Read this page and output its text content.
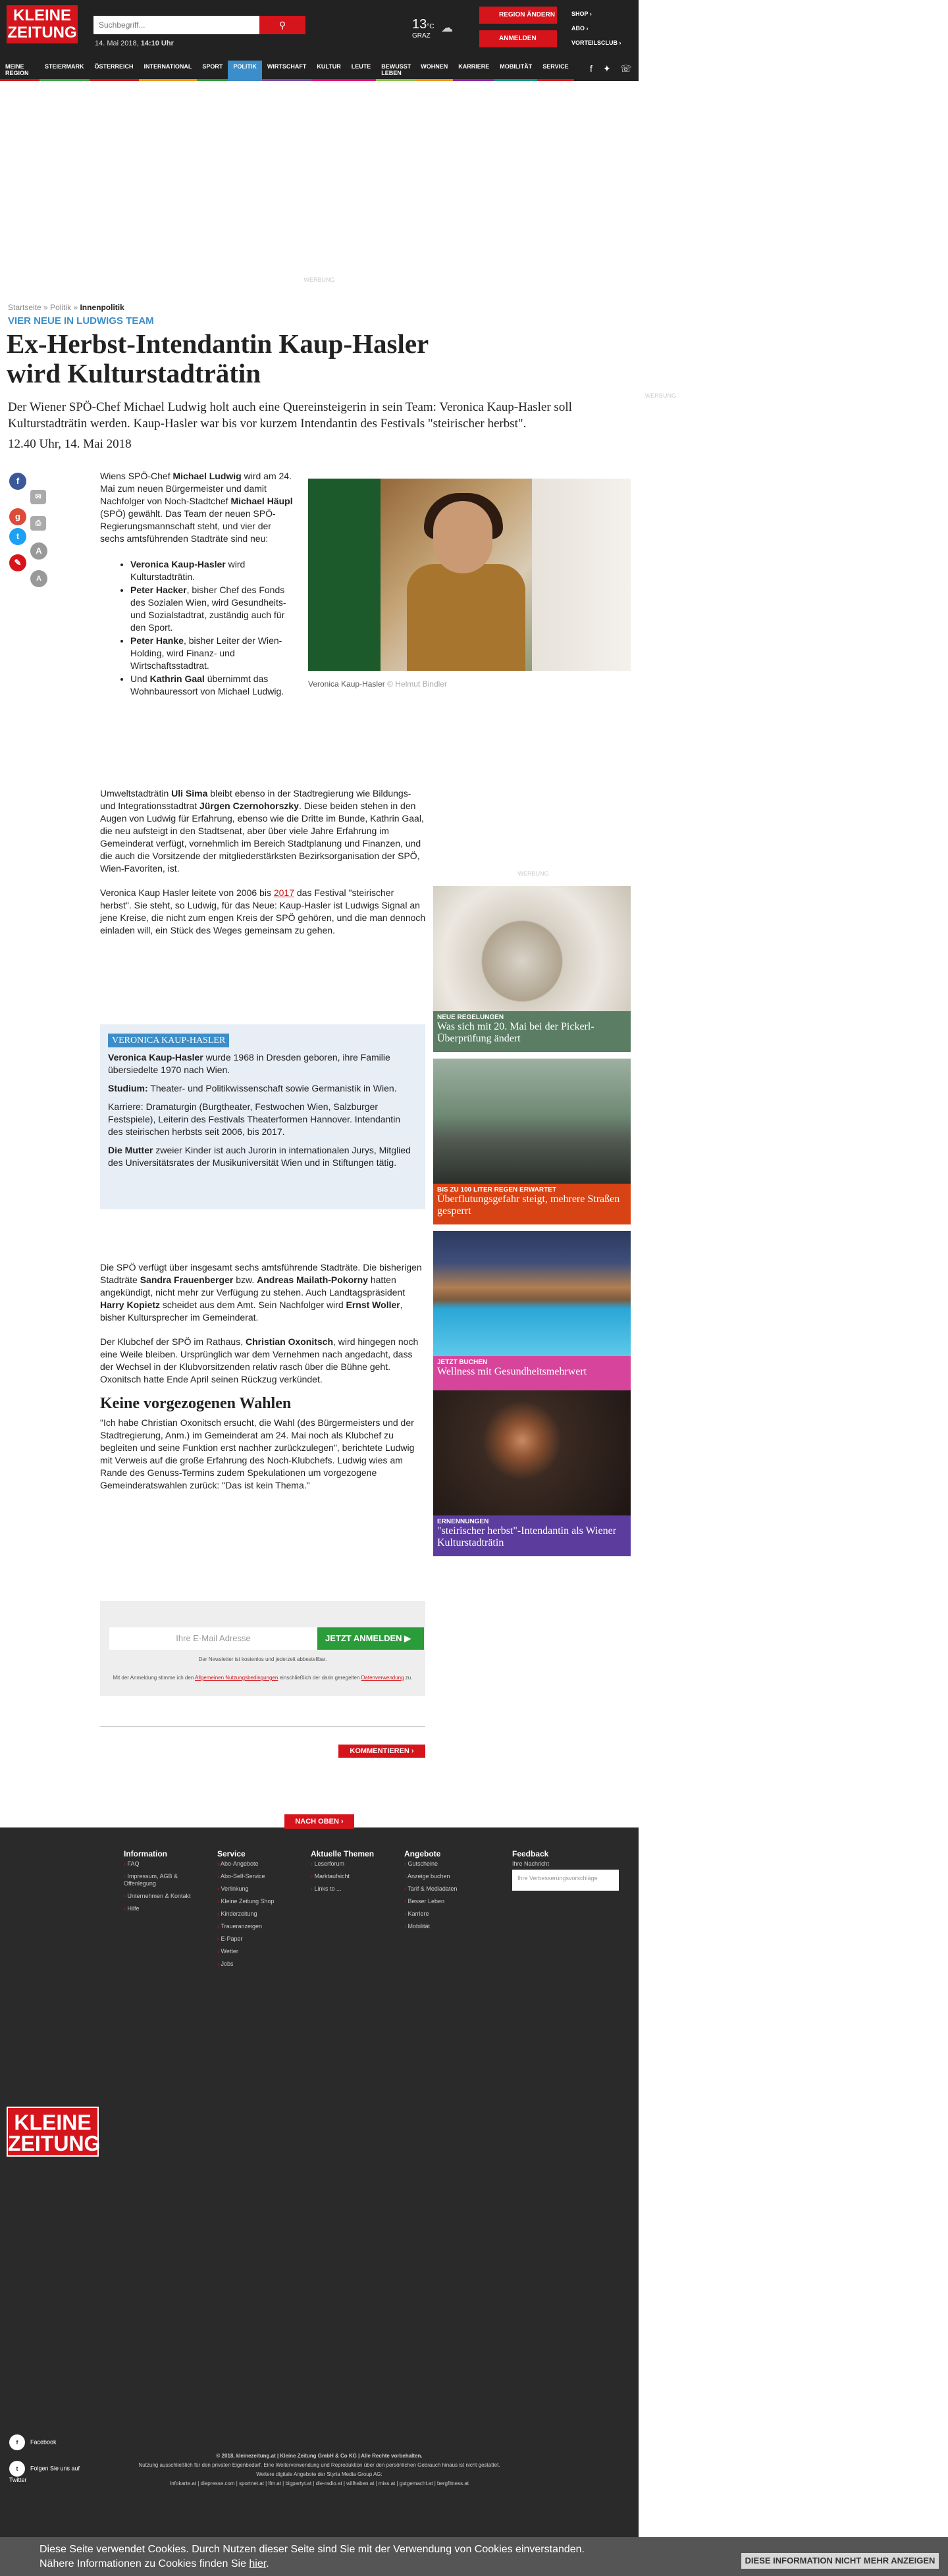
KLEINE
ZEITUNG
Suchbegriff...	⚲
14. Mai 2018, 14:10 Uhr
13°C
GRAZ
☁
REGION ÄNDERN
ANMELDEN
SHOP ›
ABO ›
VORTEILSCLUB ›
f ✦ ☏
MEINE REGION
STEIERMARK	ÖSTERREICH	INTERNATIONAL	SPORT	POLITIK	WIRTSCHAFT	KULTUR	LEUTE	BEWUSST LEBEN
WOHNEN	KARRIERE	MOBILITÄT	SERVICE
WERBUNG
Startseite » Politik » Innenpolitik
VIER NEUE IN LUDWIGS TEAM
Ex-Herbst-Intendantin Kaup-Hasler wird Kulturstadträtin

Der Wiener SPÖ-Chef Michael Ludwig holt auch eine Quereinsteigerin in sein Team: Veronica Kaup-Hasler soll Kulturstadträtin werden. Kaup-Hasler war bis vor kurzem Intendantin des Festivals "steirischer herbst".

12.40 Uhr, 14. Mai 2018
f
✉
g
⎙
t
A
✎
A

Wiens SPÖ-Chef Michael Ludwig wird am 24. Mai zum neuen Bürgermeister und damit Nachfolger von Noch-Stadtchef Michael Häupl (SPÖ) gewählt. Das Team der neuen SPÖ-Regierungsmannschaft steht, und vier der sechs amtsführenden Stadträte sind neu:

• Veronica Kaup-Hasler wird Kulturstadträtin.
• Peter Hacker, bisher Chef des Fonds des Sozialen Wien, wird Gesundheits- und Sozialstadtrat, zuständig auch für den Sport.
• Peter Hanke, bisher Leiter der Wien-Holding, wird Finanz- und Wirtschaftsstadtrat.
• Und Kathrin Gaal übernimmt das Wohnbauressort von Michael Ludwig.
Veronica Kaup-Hasler © Helmut Bindler

Umweltstadträtin Uli Sima bleibt ebenso in der Stadtregierung wie Bildungs- und Integrationsstadtrat Jürgen Czernohorszky. Diese beiden stehen in den Augen von Ludwig für Erfahrung, ebenso wie die Dritte im Bunde, Kathrin Gaal, die neu aufsteigt in den Stadtsenat, aber über viele Jahre Erfahrung im Gemeinderat verfügt, vornehmlich im Bereich Stadtplanung und Finanzen, und die auch die Vorsitzende der mitgliederstärksten Bezirksorganisation der SPÖ, Wien-Favoriten, ist.

Veronica Kaup Hasler leitete von 2006 bis 2017 das Festival "steirischer herbst". Sie steht, so Ludwig, für das Neue: Kaup-Hasler ist Ludwigs Signal an jene Kreise, die nicht zum engen Kreis der SPÖ gehören, und die man dennoch einladen will, ein Stück des Weges gemeinsam zu gehen.

VERONICA KAUP-HASLER

Veronica Kaup-Hasler wurde 1968 in Dresden geboren, ihre Familie übersiedelte 1970 nach Wien.

Studium: Theater- und Politikwissenschaft sowie Germanistik in Wien.

Karriere: Dramaturgin (Burgtheater, Festwochen Wien, Salzburger Festspiele), Leiterin des Festivals Theaterformen Hannover. Intendantin des steirischen herbsts seit 2006, bis 2017.

Die Mutter zweier Kinder ist auch Jurorin in internationalen Jurys, Mitglied des Universitätsrates der Musikuniversität Wien und in Stiftungen tätig.

Die SPÖ verfügt über insgesamt sechs amtsführende Stadträte. Die bisherigen Stadträte Sandra Frauenberger bzw. Andreas Mailath-Pokorny hatten angekündigt, nicht mehr zur Verfügung zu stehen. Auch Landtagspräsident Harry Kopietz scheidet aus dem Amt. Sein Nachfolger wird Ernst Woller, bisher Kultursprecher im Gemeinderat.

Der Klubchef der SPÖ im Rathaus, Christian Oxonitsch, wird hingegen noch eine Weile bleiben. Ursprünglich war dem Vernehmen nach angedacht, dass der Wechsel in der Klubvorsitzenden relativ rasch über die Bühne geht. Oxonitsch hatte Ende April seinen Rückzug verkündet.

Keine vorgezogenen Wahlen

"Ich habe Christian Oxonitsch ersucht, die Wahl (des Bürgermeisters und der Stadtregierung, Anm.) im Gemeinderat am 24. Mai noch als Klubchef zu begleiten und seine Funktion erst nachher zurückzulegen", berichtete Ludwig mit Verweis auf die große Erfahrung des Noch-Klubchefs. Ludwig wies am Rande des Genuss-Termins zudem Spekulationen um vorgezogene Gemeinderatswahlen zurück: "Das ist kein Thema."

Ihre E-Mail Adresse	JETZT ANMELDEN ▶
Der Newsletter ist kostenlos und jederzeit abbestellbar.
Mit der Anmeldung stimme ich den Allgemeinen Nutzungsbedingungen einschließlich der darin geregelten Datenverwendung zu.
KOMMENTIEREN ›
WERBUNG
WERBUNG
NEUE REGELUNGEN
Was sich mit 20. Mai bei der Pickerl-Überprüfung ändert
BIS ZU 100 LITER REGEN ERWARTET
Überflutungsgefahr steigt, mehrere Straßen gesperrt
JETZT BUCHEN
Wellness mit Gesundheitsmehrwert
ERNENNUNGEN
"steirischer herbst"-Intendantin als Wiener Kulturstadträtin
Information
› FAQ
› Impressum, AGB & Offenlegung
› Unternehmen & Kontakt
› Hilfe
Service
› Abo-Angebote
› Abo-Self-Service
› Verlinkung
› Kleine Zeitung Shop
› Kinderzeitung
› Traueranzeigen
› E-Paper
› Wetter
› Jobs
Aktuelle Themen
› Leserforum
› Marktaufsicht
› Links to ...
Angebote
› Gutscheine
› Anzeige buchen
› Tarif & Mediadaten
› Besser Leben
› Karriere
› Mobilität
Feedback
Ihre Nachricht
Ihre Verbesserungsvorschläge
KLEINE
ZEITUNG
f Facebook
t Folgen Sie uns auf Twitter
© 2018, kleinezeitung.at | Kleine Zeitung GmbH & Co KG | Alle Rechte vorbehalten.
Nutzung ausschließlich für den privaten Eigenbedarf. Eine Weiterverwendung und Reproduktion über den persönlichen Gebrauch hinaus ist nicht gestattet.
Weitere digitale Angebote der Styria Media Group AG:
Infokarte.at | diepresse.com | sportnet.at | lfm.at | bigpartyt.at | die-radio.at | willhaben.at | miss.at | gutgemacht.at | bergfitness.at
NACH OBEN ›
Diese Seite verwendet Cookies. Durch Nutzen dieser Seite sind Sie mit der Verwendung von Cookies einverstanden. Nähere Informationen zu Cookies finden Sie hier.	DIESE INFORMATION NICHT MEHR ANZEIGEN
